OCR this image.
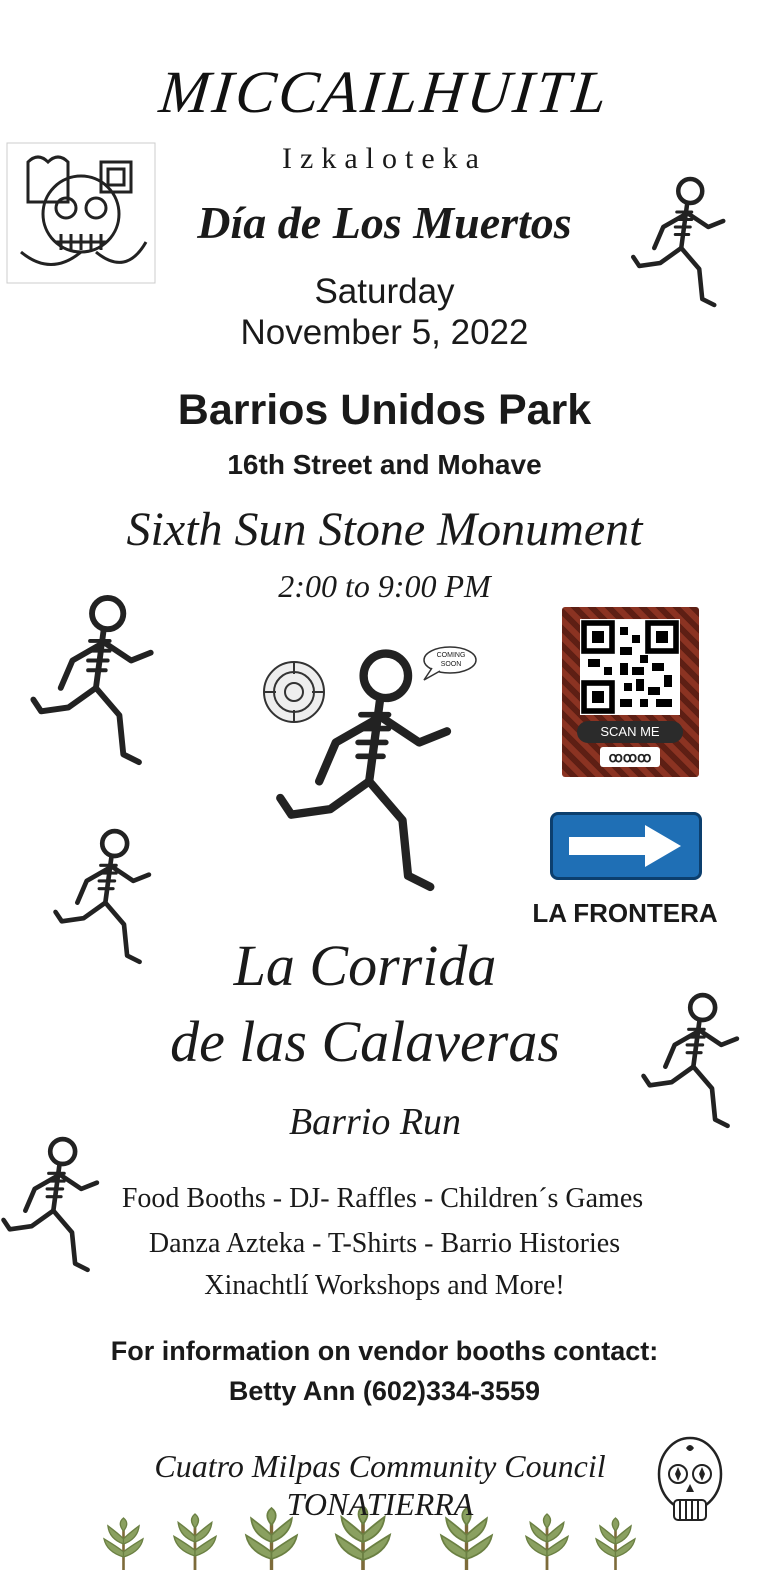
MICCAILHUITL
Izkaloteka
Día de Los Muertos
Saturday
November 5, 2022
Barrios Unidos Park
16th Street and Mohave
Sixth Sun Stone Monument
2:00 to 9:00 PM
COMING SOON
SCAN ME
ꝏꝏꝏ
LA FRONTERA
La Corrida
de las Calaveras
Barrio Run
Food Booths - DJ- Raffles - Children´s Games
Danza Azteka - T-Shirts - Barrio Histories
Xinachtlí Workshops and More!
For information on vendor booths contact:
Betty Ann (602)334-3559
Cuatro Milpas Community Council
TONATIERRA
